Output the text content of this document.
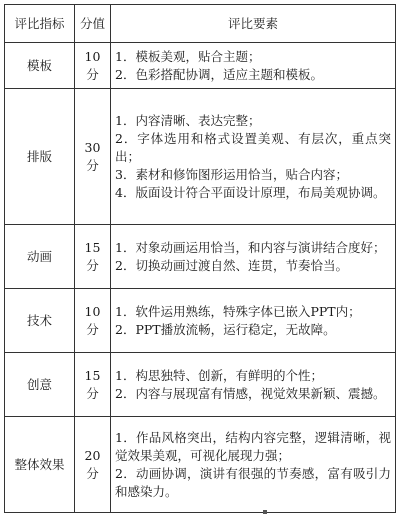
评比指标	分值	评比要素
模板	10分	1．模板美观，贴合主题；
2．色彩搭配协调，适应主题和模板。

排版	30分	1．内容清晰、表达完整；
2．字体选用和格式设置美观、有层次，重点突出；
3．素材和修饰图形运用恰当，贴合内容；
4．版面设计符合平面设计原理，布局美观协调。

动画	15分	1．对象动画运用恰当，和内容与演讲结合度好；
2．切换动画过渡自然、连贯，节奏恰当。

技术	10分	1．软件运用熟练，特殊字体已嵌入PPT内；
2．PPT播放流畅，运行稳定，无故障。

创意	15分	1．构思独特、创新，有鲜明的个性；
2．内容与展现富有情感，视觉效果新颖、震撼。

整体效果	20分	1．作品风格突出，结构内容完整，逻辑清晰，视觉效果美观，可视化展现力强；
2．动画协调，演讲有很强的节奏感，富有吸引力和感染力。
